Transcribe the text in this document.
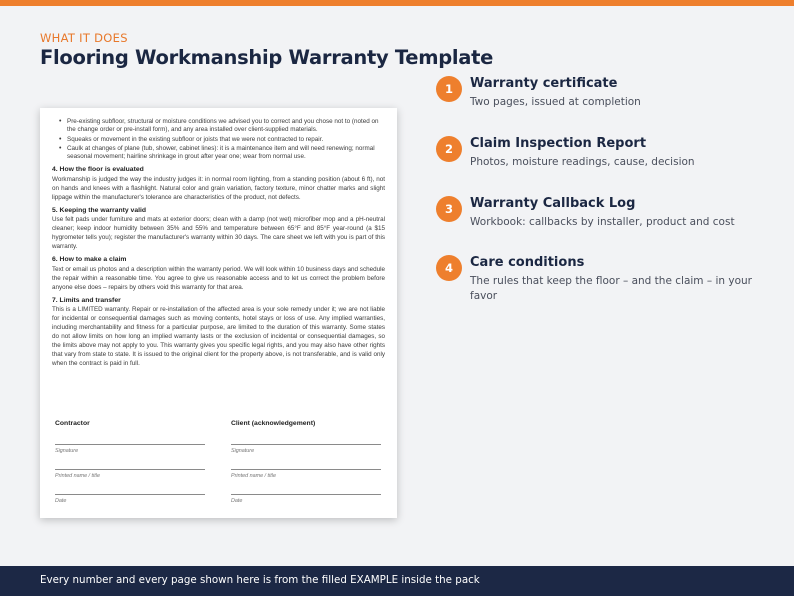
WHAT IT DOES
Flooring Workmanship Warranty Template
• Pre-existing subfloor, structural or moisture conditions we advised you to correct and you chose not to (noted on the change order or pre-install form), and any area installed over client-supplied materials.
• Squeaks or movement in the existing subfloor or joists that we were not contracted to repair.
• Caulk at changes of plane (tub, shower, cabinet lines): it is a maintenance item and will need renewing; normal seasonal movement; hairline shrinkage in grout after year one; wear from normal use.
4. How the floor is evaluated
Workmanship is judged the way the industry judges it: in normal room lighting, from a standing position (about 6 ft), not on hands and knees with a flashlight. Natural color and grain variation, factory texture, minor chatter marks and slight lippage within the manufacturer's tolerance are characteristics of the product, not defects.
5. Keeping the warranty valid
Use felt pads under furniture and mats at exterior doors; clean with a damp (not wet) microfiber mop and a pH-neutral cleaner; keep indoor humidity between 35% and 55% and temperature between 65°F and 85°F year-round (a $15 hygrometer tells you); register the manufacturer's warranty within 30 days. The care sheet we left with you is part of this warranty.
6. How to make a claim
Text or email us photos and a description within the warranty period. We will look within 10 business days and schedule the repair within a reasonable time. You agree to give us reasonable access and to let us correct the problem before anyone else does – repairs by others void this warranty for that area.
7. Limits and transfer
This is a LIMITED warranty. Repair or re-installation of the affected area is your sole remedy under it; we are not liable for incidental or consequential damages such as moving contents, hotel stays or loss of use. Any implied warranties, including merchantability and fitness for a particular purpose, are limited to the duration of this warranty. Some states do not allow limits on how long an implied warranty lasts or the exclusion of incidental or consequential damages, so the limits above may not apply to you. This warranty gives you specific legal rights, and you may also have other rights that vary from state to state. It is issued to the original client for the property above, is not transferable, and is valid only when the contract is paid in full.
Contractor
Signature
Printed name / title
Date
Client (acknowledgement)
Signature
Printed name / title
Date
1	Warranty certificate
Two pages, issued at completion
2	Claim Inspection Report
Photos, moisture readings, cause, decision
3	Warranty Callback Log
Workbook: callbacks by installer, product and cost
4	Care conditions
The rules that keep the floor – and the claim – in your favor
Every number and every page shown here is from the filled EXAMPLE inside the pack
